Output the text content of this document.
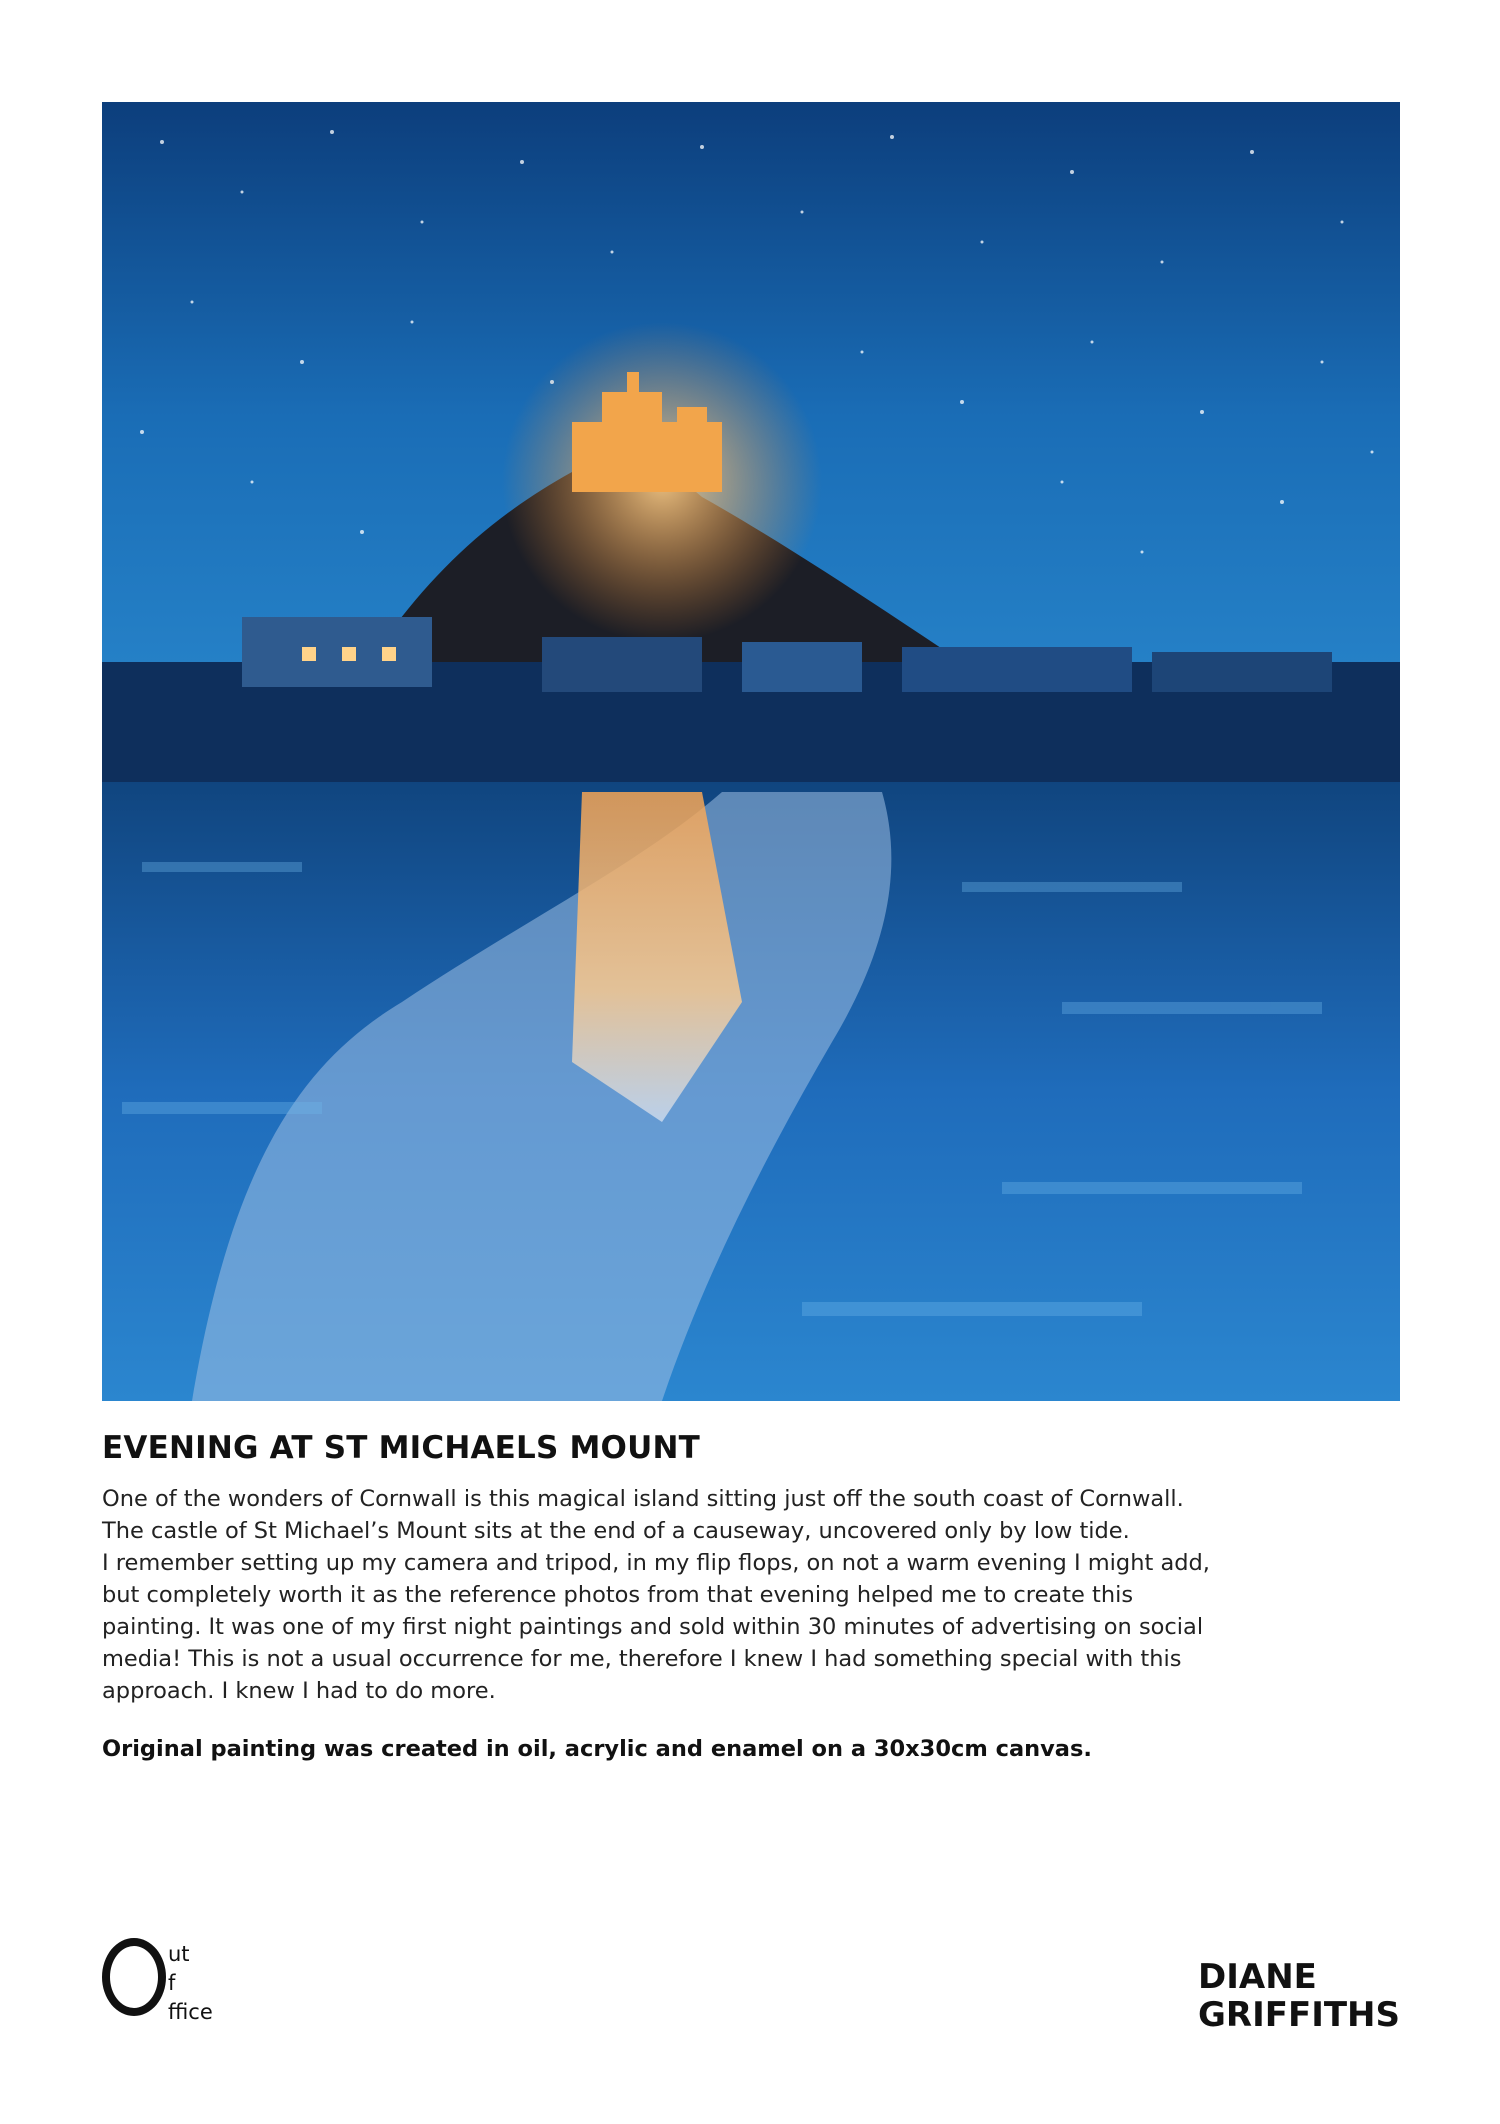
EVENING AT ST MICHAELS MOUNT

One of the wonders of Cornwall is this magical island sitting just off the south coast of Cornwall.
The castle of St Michael’s Mount sits at the end of a causeway, uncovered only by low tide.
I remember setting up my camera and tripod, in my flip flops, on not a warm evening I might add,
but completely worth it as the reference photos from that evening helped me to create this
painting. It was one of my first night paintings and sold within 30 minutes of advertising on social
media! This is not a usual occurrence for me, therefore I knew I had something special with this
approach. I knew I had to do more.

Original painting was created in oil, acrylic and enamel on a 30x30cm canvas.

ut
f
ffice
DIANE
GRIFFITHS
